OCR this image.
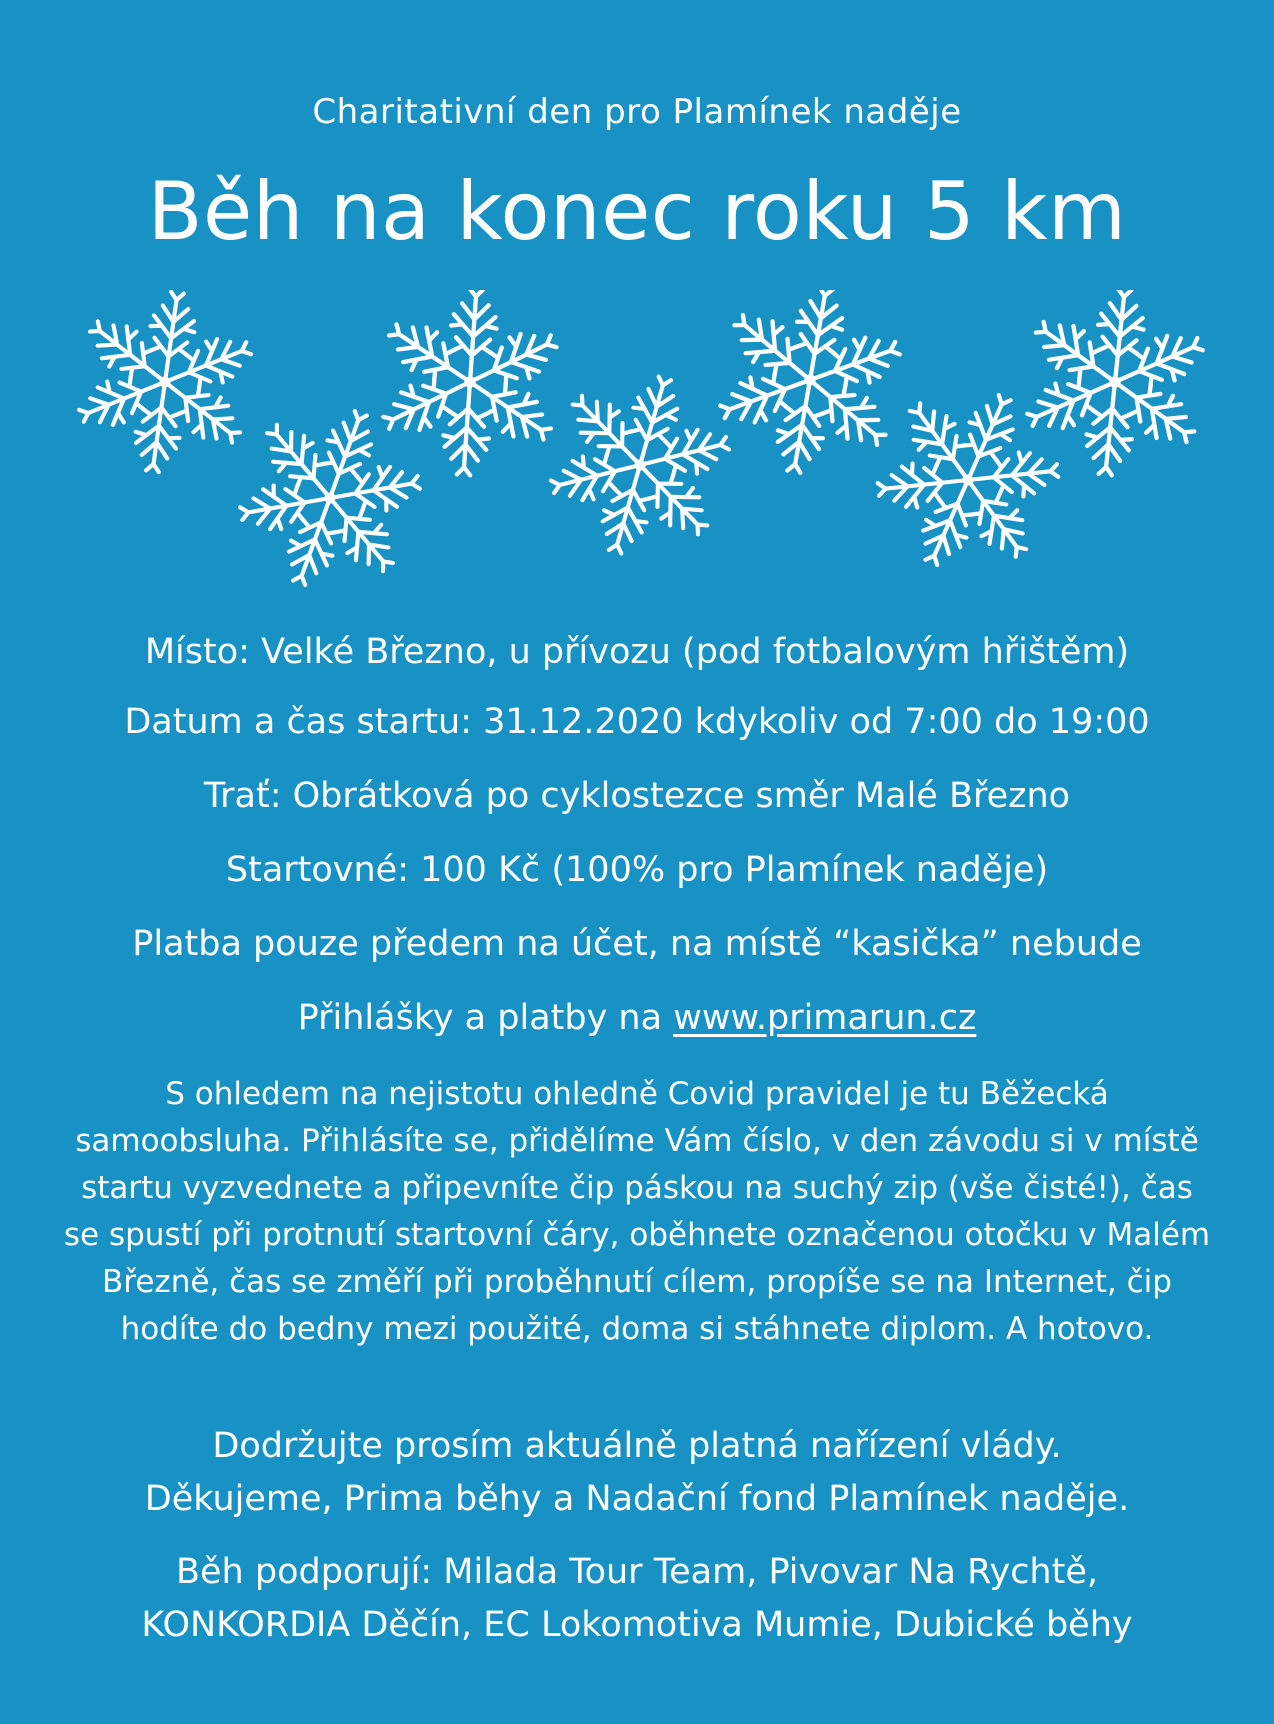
Charitativní den pro Plamínek naděje
Běh na konec roku 5 km
Místo: Velké Březno, u přívozu (pod fotbalovým hřištěm)
Datum a čas startu: 31.12.2020 kdykoliv od 7:00 do 19:00
Trať: Obrátková po cyklostezce směr Malé Březno
Startovné: 100 Kč (100% pro Plamínek naděje)
Platba pouze předem na účet, na místě “kasička” nebude
Přihlášky a platby na www.primarun.cz
S ohledem na nejistotu ohledně Covid pravidel je tu Běžecká samoobsluha. Přihlásíte se, přidělíme Vám číslo, v den závodu si v místě startu vyzvednete a připevníte čip páskou na suchý zip (vše čisté!), čas se spustí při protnutí startovní čáry, oběhnete označenou otočku v Malém Březně, čas se změří při proběhnutí cílem, propíše se na Internet, čip hodíte do bedny mezi použité, doma si stáhnete diplom. A hotovo.
Dodržujte prosím aktuálně platná nařízení vlády.
Děkujeme, Prima běhy a Nadační fond Plamínek naděje.
Běh podporují: Milada Tour Team, Pivovar Na Rychtě,
KONKORDIA Děčín, EC Lokomotiva Mumie, Dubické běhy
